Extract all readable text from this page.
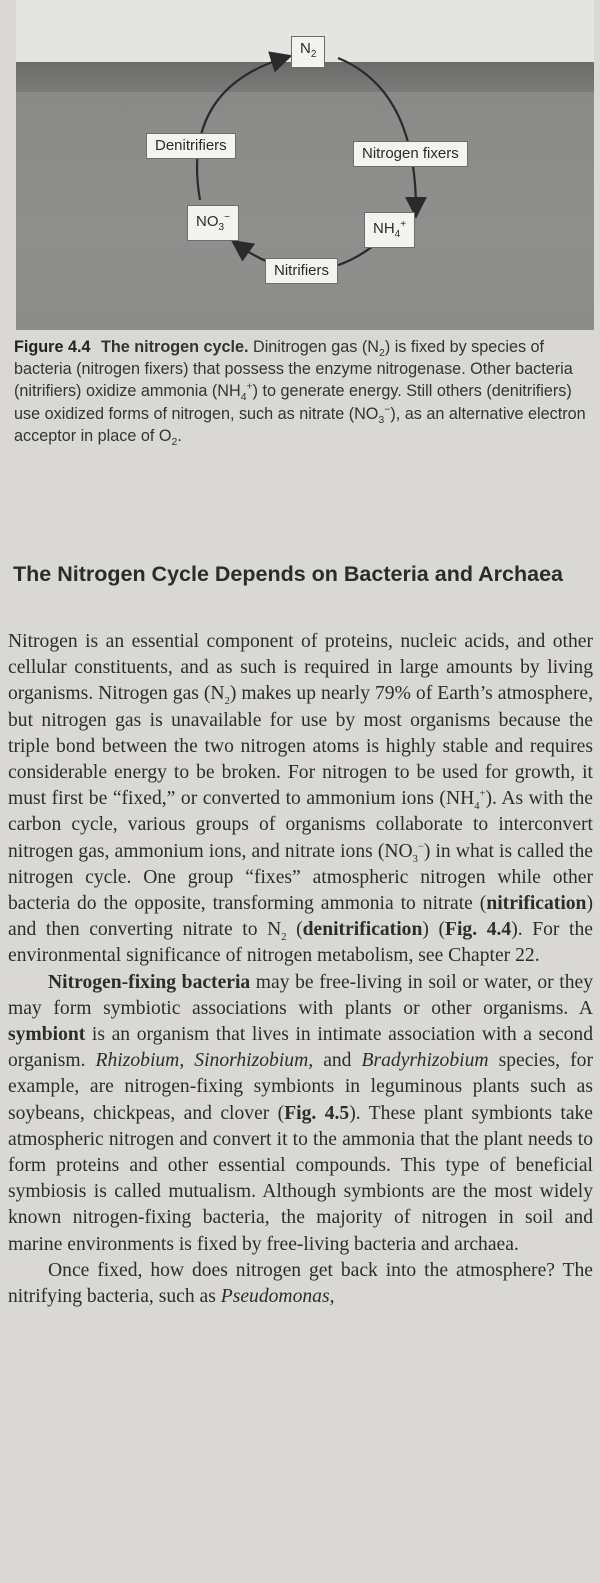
$N_2$
Denitrifiers	Nitrogen fixers
$NO_3^-$
$NH_4^+$
Nitrifiers
Figure 4.4 The nitrogen cycle. Dinitrogen gas $(N_2)$ is fixed by species of bacteria (nitrogen fixers) that possess the enzyme nitrogenase. Other bacteria (nitrifiers) oxidize ammonia $(NH_4^+)$ to generate energy. Still others (denitrifiers) use oxidized forms of nitrogen, such as nitrate $(NO_3^-)$, as an alternative electron acceptor in place of $O_2$.
The Nitrogen Cycle Depends on Bacteria and Archaea

Nitrogen is an essential component of proteins, nucleic acids, and other cellular constituents, and as such is required in large amounts by living organisms. Nitrogen gas $(N_2)$ makes up nearly 79% of Earth’s atmosphere, but nitrogen gas is unavailable for use by most organisms because the triple bond between the two nitrogen atoms is highly stable and requires considerable energy to be broken. For nitrogen to be used for growth, it must first be “fixed,” or converted to ammonium ions $(NH_4^+)$. As with the carbon cycle, various groups of organisms collaborate to interconvert nitrogen gas, ammonium ions, and nitrate ions $(NO_3^-)$ in what is called the nitrogen cycle. One group “fixes” atmospheric nitrogen while other bacteria do the opposite, transforming ammonia to nitrate (nitrification) and then converting nitrate to $N_2$ (denitrification) (Fig. 4.4). For the environmental significance of nitrogen metabolism, see Chapter 22.

Nitrogen-fixing bacteria may be free-living in soil or water, or they may form symbiotic associations with plants or other organisms. A symbiont is an organism that lives in intimate association with a second organism. Rhizobium, Sinorhizobium, and Bradyrhizobium species, for example, are nitrogen-fixing symbionts in leguminous plants such as soybeans, chickpeas, and clover (Fig. 4.5). These plant symbionts take atmospheric nitrogen and convert it to the ammonia that the plant needs to form proteins and other essential compounds. This type of beneficial symbiosis is called mutualism. Although symbionts are the most widely known nitrogen-fixing bacteria, the majority of nitrogen in soil and marine environments is fixed by free-living bacteria and archaea.

Once fixed, how does nitrogen get back into the atmosphere? The nitrifying bacteria, such as Pseudomonas,
